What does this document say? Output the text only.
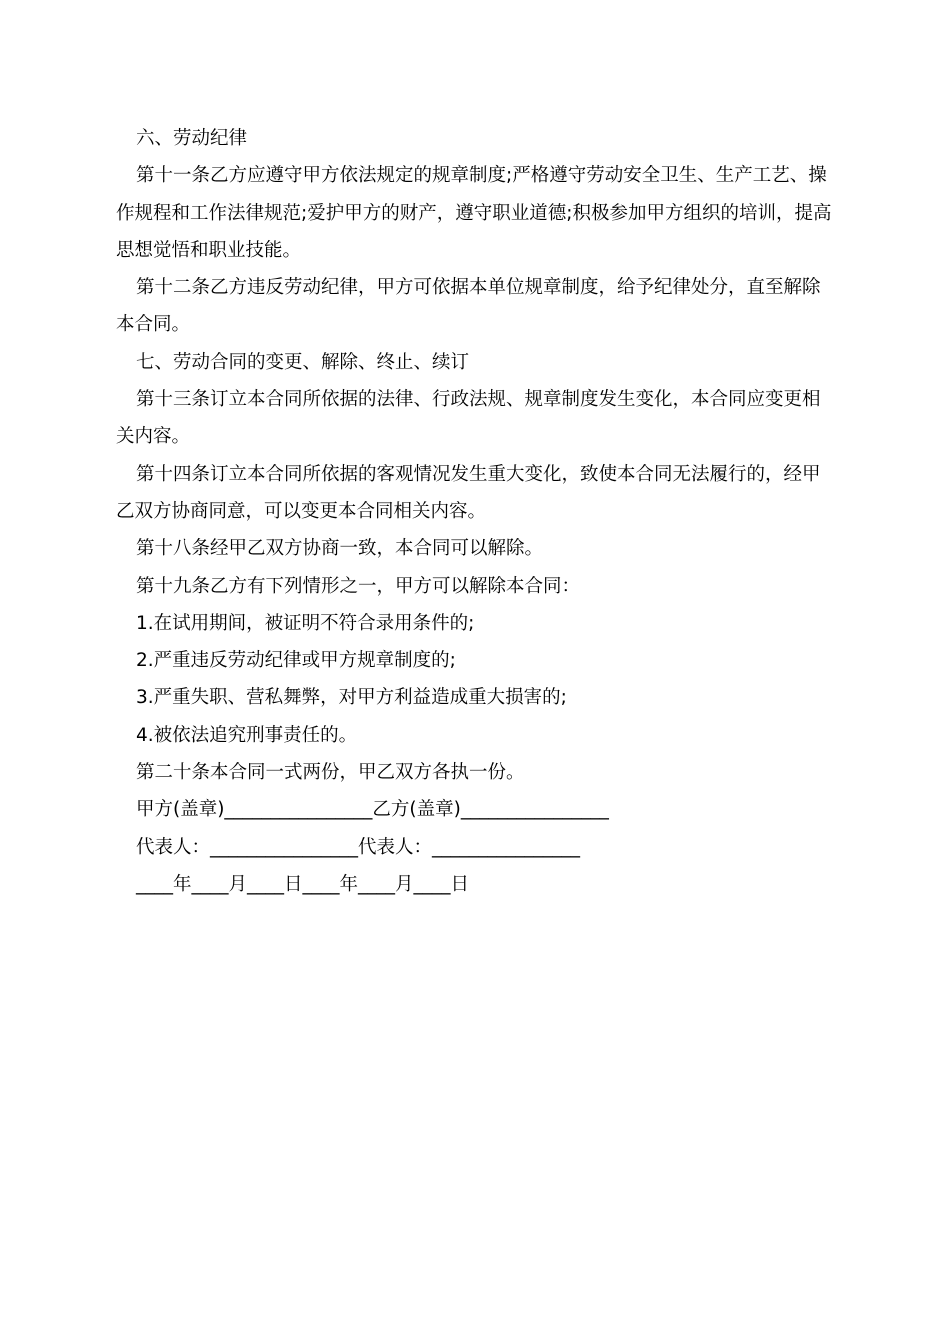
六、劳动纪律

第十一条乙方应遵守甲方依法规定的规章制度;严格遵守劳动安全卫生、生产工艺、操作规程和工作法律规范;爱护甲方的财产，遵守职业道德;积极参加甲方组织的培训，提高思想觉悟和职业技能。

第十二条乙方违反劳动纪律，甲方可依据本单位规章制度，给予纪律处分，直至解除本合同。

七、劳动合同的变更、解除、终止、续订

第十三条订立本合同所依据的法律、行政法规、规章制度发生变化，本合同应变更相关内容。

第十四条订立本合同所依据的客观情况发生重大变化，致使本合同无法履行的，经甲乙双方协商同意，可以变更本合同相关内容。

第十八条经甲乙双方协商一致，本合同可以解除。

第十九条乙方有下列情形之一，甲方可以解除本合同：

1.在试用期间，被证明不符合录用条件的;

2.严重违反劳动纪律或甲方规章制度的;

3.严重失职、营私舞弊，对甲方利益造成重大损害的;

4.被依法追究刑事责任的。

第二十条本合同一式两份，甲乙双方各执一份。

甲方(盖章)________________乙方(盖章)________________

代表人：________________代表人：________________

____年____月____日____年____月____日
